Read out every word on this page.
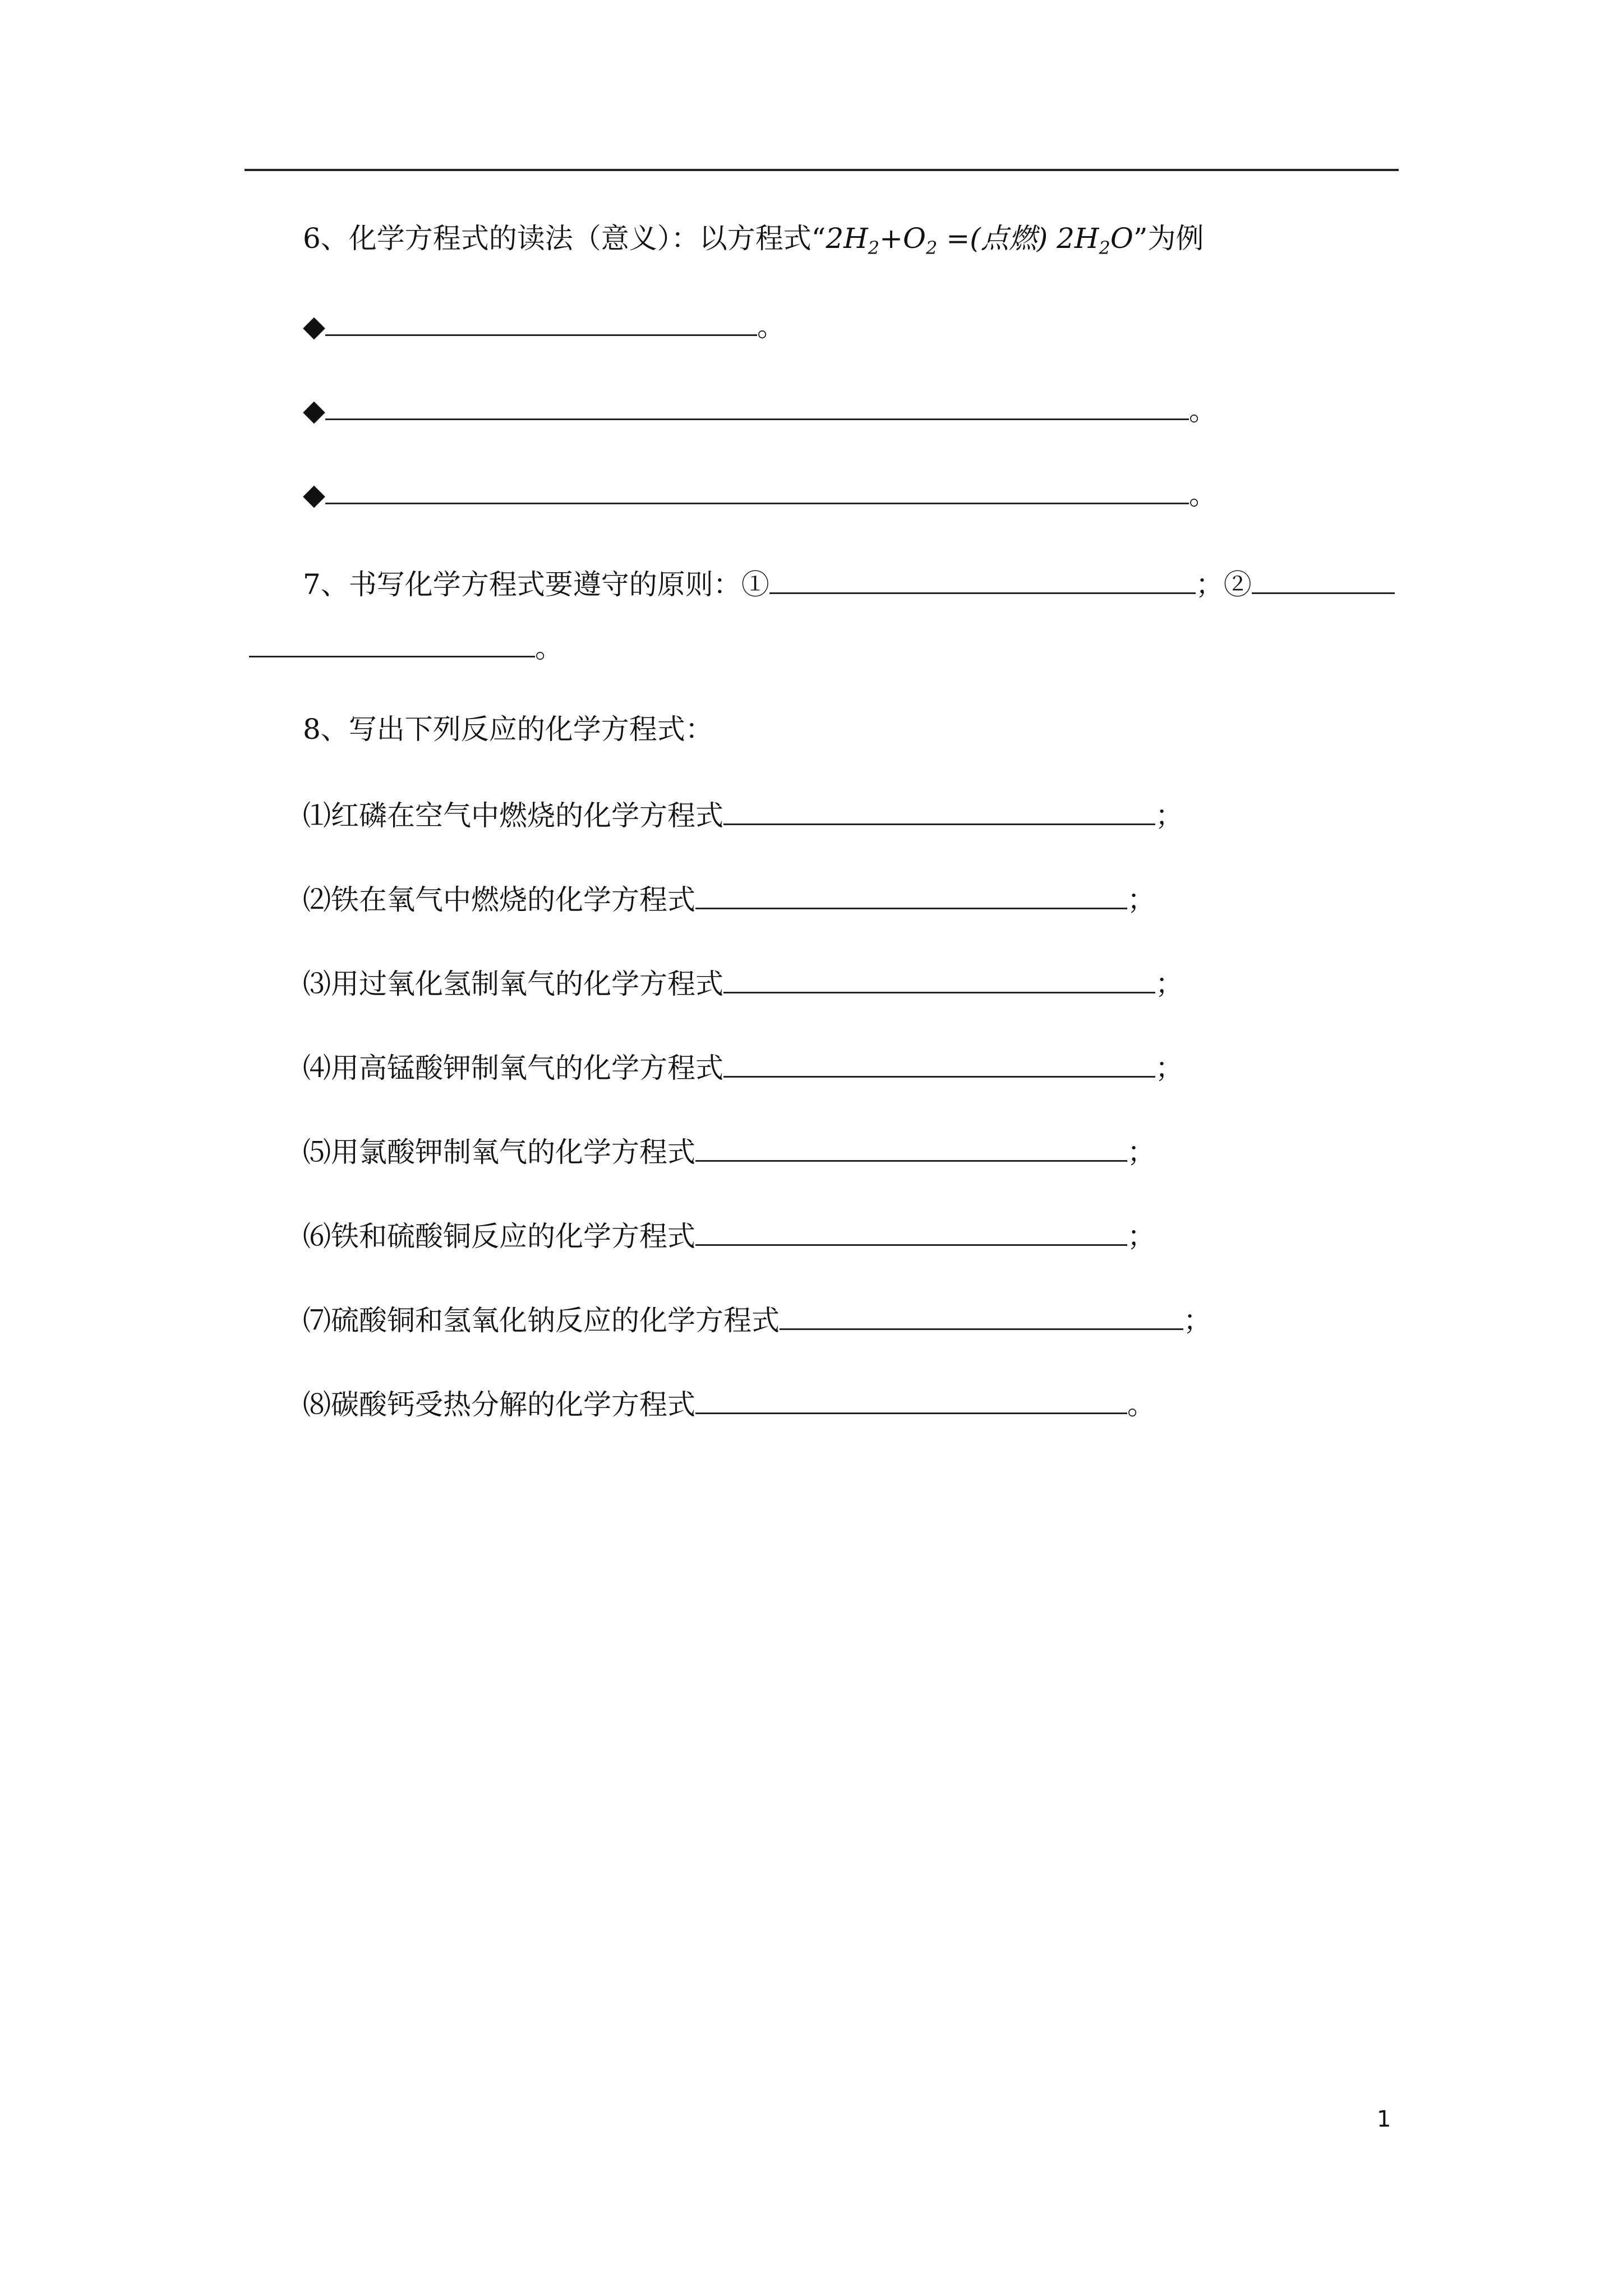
6、化学方程式的读法（意义）：以方程式“$2H_2+O_2$ =(点燃) $2H_2O$”为例
◆	。
◆	。
◆	。
7、书写化学方程式要遵守的原则：①	；②
。
8、写出下列反应的化学方程式：
⑴红磷在空气中燃烧的化学方程式	；
⑵铁在氧气中燃烧的化学方程式	；
⑶用过氧化氢制氧气的化学方程式	；
⑷用高锰酸钾制氧气的化学方程式	；
⑸用氯酸钾制氧气的化学方程式	；
⑹铁和硫酸铜反应的化学方程式	；
⑺硫酸铜和氢氧化钠反应的化学方程式	；
⑻碳酸钙受热分解的化学方程式	。
1
